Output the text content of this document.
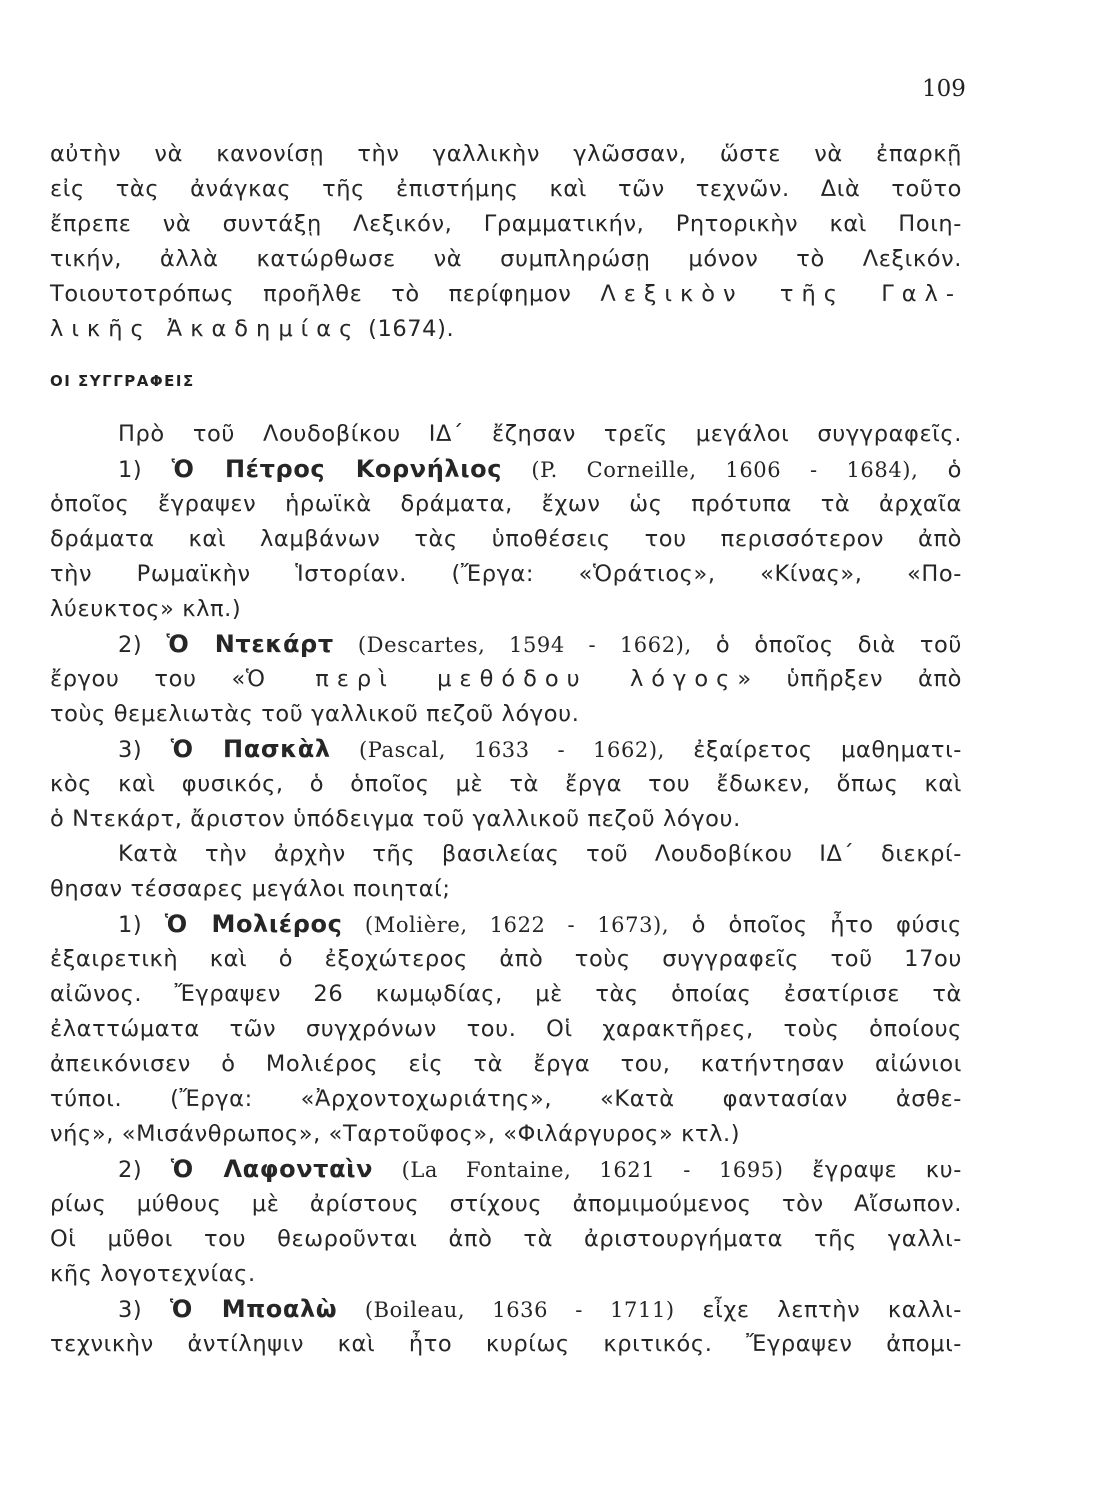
109
αὐτὴν νὰ κανονίσῃ τὴν γαλλικὴν γλῶσσαν, ὥστε νὰ ἐπαρκῇ
εἰς τὰς ἀνάγκας τῆς ἐπιστήμης καὶ τῶν τεχνῶν. Διὰ τοῦτο
ἔπρεπε νὰ συντάξῃ Λεξικόν, Γραμματικήν, Ρητορικὴν καὶ Ποιη-
τικήν, ἀλλὰ κατώρθωσε νὰ συμπληρώσῃ μόνον τὸ Λεξικόν.
Τοιουτοτρόπως προῆλθε τὸ περίφημον Λεξικὸν τῆς Γαλ-
λικῆς Ἀκαδημίας (1674).
ΟΙ ΣΥΓΓΡΑΦΕΙΣ
Πρὸ τοῦ Λουδοβίκου ΙΔ΄ ἔζησαν τρεῖς μεγάλοι συγγραφεῖς.
1) Ὁ Πέτρος Κορνήλιος (P. Corneille, 1606 - 1684), ὁ
ὁποῖος ἔγραψεν ἡρωϊκὰ δράματα, ἔχων ὡς πρότυπα τὰ ἀρχαῖα
δράματα καὶ λαμβάνων τὰς ὑποθέσεις του περισσότερον ἀπὸ
τὴν Ρωμαϊκὴν Ἱστορίαν. (Ἔργα: «Ὁράτιος», «Κίνας», «Πο-
λύευκτος» κλπ.)
2) Ὁ Ντεκάρτ (Descartes, 1594 - 1662), ὁ ὁποῖος διὰ τοῦ
ἔργου του «Ὁ περὶ μεθόδου λόγος» ὑπῆρξεν ἀπὸ
τοὺς θεμελιωτὰς τοῦ γαλλικοῦ πεζοῦ λόγου.
3) Ὁ Πασκὰλ (Pascal, 1633 - 1662), ἐξαίρετος μαθηματι-
κὸς καὶ φυσικός, ὁ ὁποῖος μὲ τὰ ἔργα του ἔδωκεν, ὅπως καὶ
ὁ Ντεκάρτ, ἄριστον ὑπόδειγμα τοῦ γαλλικοῦ πεζοῦ λόγου.
Κατὰ τὴν ἀρχὴν τῆς βασιλείας τοῦ Λουδοβίκου ΙΔ΄ διεκρί-
θησαν τέσσαρες μεγάλοι ποιηταί;
1) Ὁ Μολιέρος (Molière, 1622 - 1673), ὁ ὁποῖος ἦτο φύσις
ἐξαιρετικὴ καὶ ὁ ἐξοχώτερος ἀπὸ τοὺς συγγραφεῖς τοῦ 17ου
αἰῶνος. Ἔγραψεν 26 κωμῳδίας, μὲ τὰς ὁποίας ἐσατίρισε τὰ
ἐλαττώματα τῶν συγχρόνων του. Οἱ χαρακτῆρες, τοὺς ὁποίους
ἀπεικόνισεν ὁ Μολιέρος εἰς τὰ ἔργα του, κατήντησαν αἰώνιοι
τύποι. (Ἔργα: «Ἀρχοντοχωριάτης», «Κατὰ φαντασίαν ἀσθε-
νής», «Μισάνθρωπος», «Ταρτοῦφος», «Φιλάργυρος» κτλ.)
2) Ὁ Λαφονταὶν (La Fontaine, 1621 - 1695) ἔγραψε κυ-
ρίως μύθους μὲ ἀρίστους στίχους ἀπομιμούμενος τὸν Αἴσωπον.
Οἱ μῦθοι του θεωροῦνται ἀπὸ τὰ ἀριστουργήματα τῆς γαλλι-
κῆς λογοτεχνίας.
3) Ὁ Μποαλὼ (Boileau, 1636 - 1711) εἶχε λεπτὴν καλλι-
τεχνικὴν ἀντίληψιν καὶ ἦτο κυρίως κριτικός. Ἔγραψεν ἀπομι-
